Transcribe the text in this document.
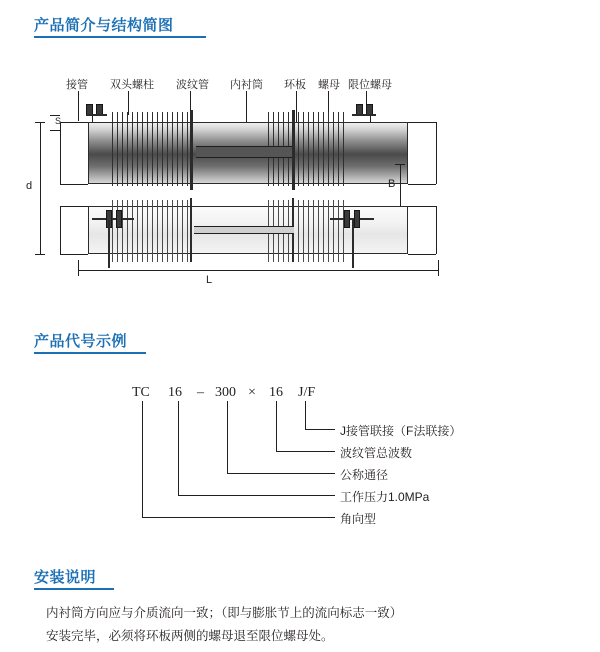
产品简介与结构简图
接管 双头螺柱 波纹管 内衬筒 环板 螺母 限位螺母
S
d	B
L
产品代号示例
TC 16 – 300 × 16 J/F
J接管联接（F法联接）
波纹管总波数
公称通径
工作压力1.0MPa
角向型
安装说明
内衬筒方向应与介质流向一致；（即与膨胀节上的流向标志一致）
安装完毕，必须将环板两侧的螺母退至限位螺母处。
